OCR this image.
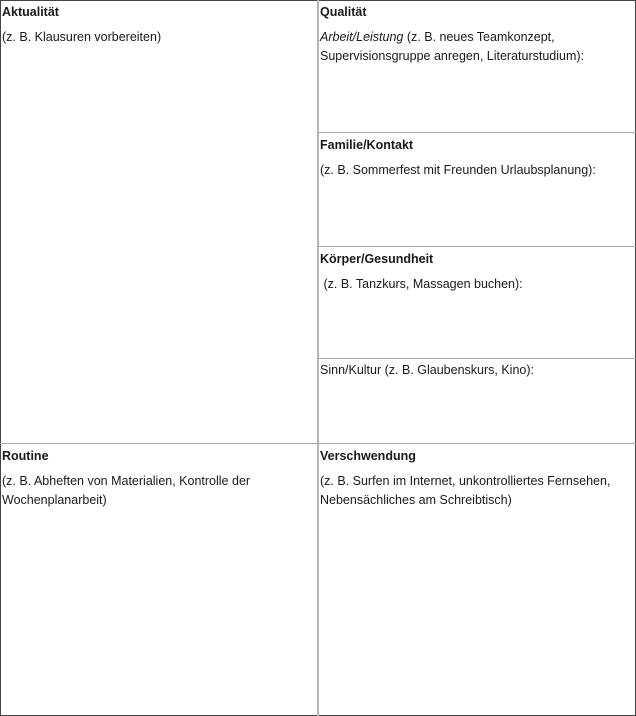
Aktualität
(z. B. Klausuren vorbereiten)
Qualität
Arbeit/Leistung (z. B. neues Teamkonzept,
Supervisionsgruppe anregen, Literaturstudium):
Familie/Kontakt
(z. B. Sommerfest mit Freunden Urlaubsplanung):
Körper/Gesundheit
(z. B. Tanzkurs, Massagen buchen):
Sinn/Kultur (z. B. Glaubenskurs, Kino):
Routine
(z. B. Abheften von Materialien, Kontrolle der
Wochenplanarbeit)
Verschwendung
(z. B. Surfen im Internet, unkontrolliertes Fernsehen,
Nebensächliches am Schreibtisch)
